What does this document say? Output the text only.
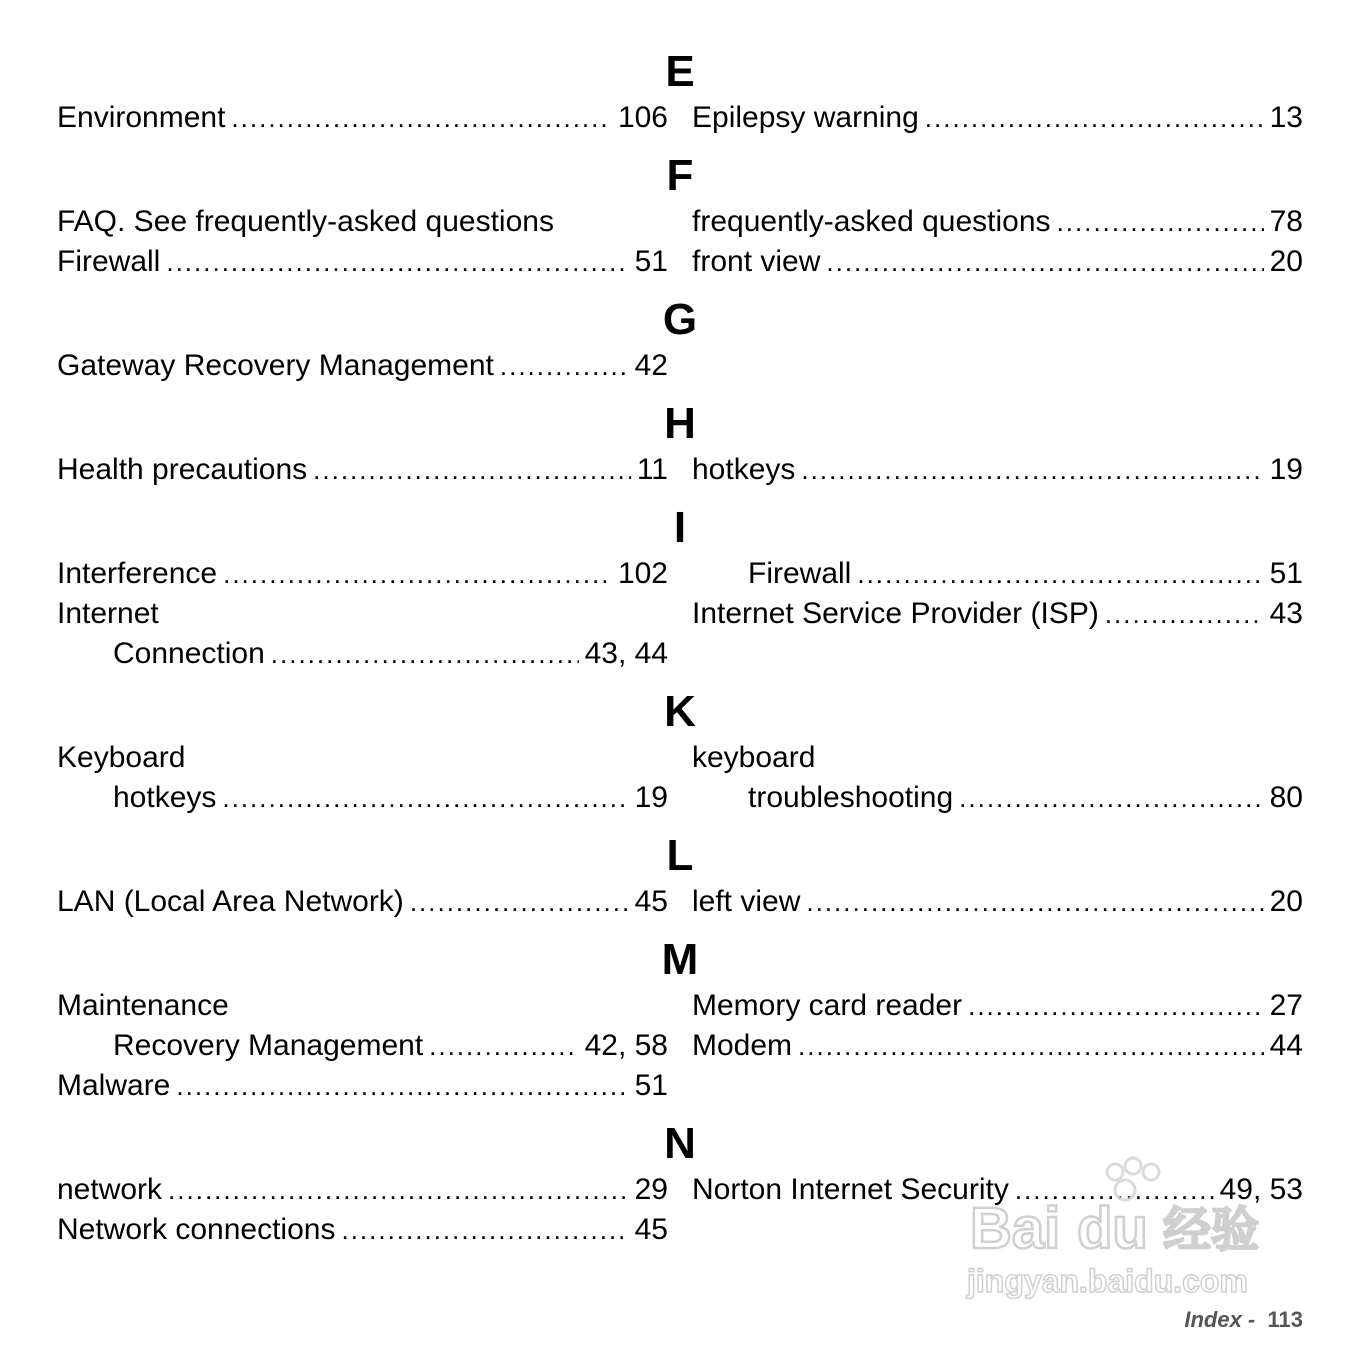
E
Environment .....	106 Epilepsy warning .....	13
F
FAQ. See frequently-asked questions	frequently-asked questions .....	78
Firewall .....	51 front view .....	20
G
Gateway Recovery Management .....	42
H
Health precautions .....	11 hotkeys .....	19
I
Interference .....	102	Firewall .....	51
Internet	Internet Service Provider (ISP) .....	43
Connection .....	43, 44
K
Keyboard	keyboard
hotkeys .....	19	troubleshooting .....	80
L
LAN (Local Area Network) .....	45 left view .....	20
M
Maintenance	Memory card reader .....	27
Recovery Management .....	42, 58 Modem .....	44
Malware .....	51
N
network .....	29 Norton Internet Security .....	49, 53
Network connections .....	45	Bai du 经验
jingyan.baidu.com
Index - 113
